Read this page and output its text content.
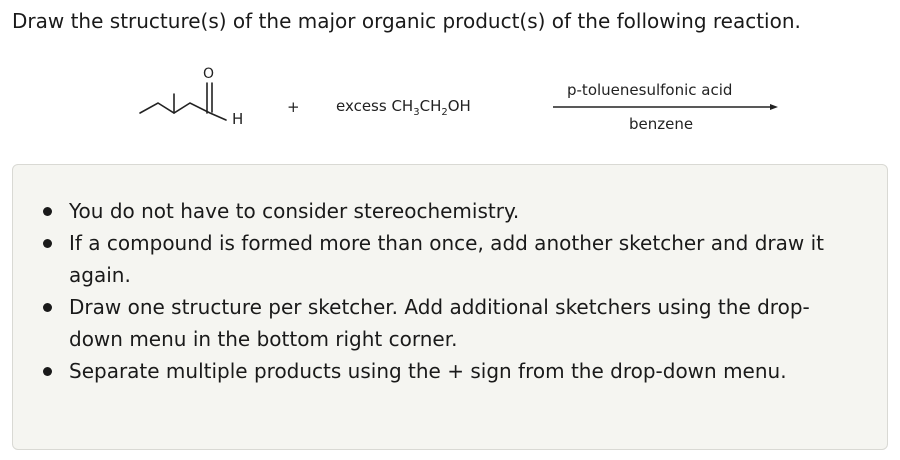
Draw the structure(s) of the major organic product(s) of the following reaction.
O
H
+ excess $CH_3CH_2OH$
p-toluenesulfonic acid
benzene
You do not have to consider stereochemistry.
If a compound is formed more than once, add another sketcher and draw it again.
Draw one structure per sketcher. Add additional sketchers using the drop-down menu in the bottom right corner.
Separate multiple products using the + sign from the drop-down menu.
